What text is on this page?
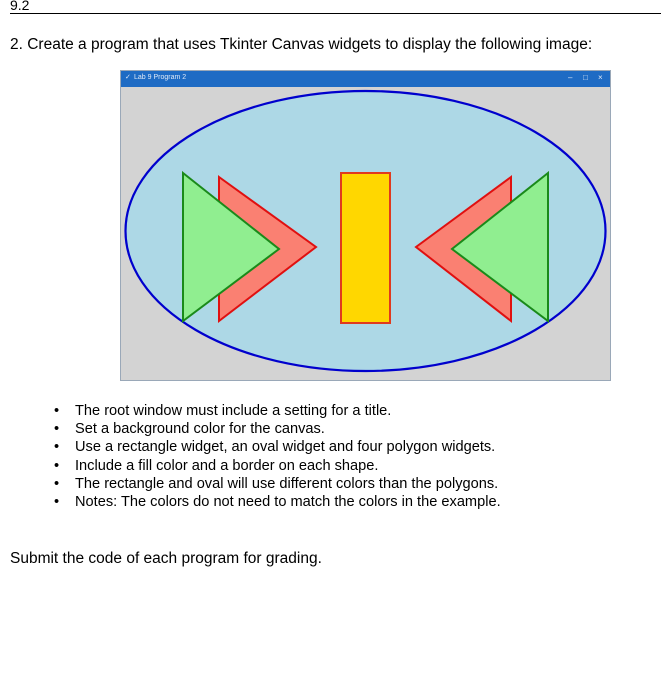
9.2
2. Create a program that uses Tkinter Canvas widgets to display the following image:
✓ Lab 9 Program 2	– □ ×
• The root window must include a setting for a title.
• Set a background color for the canvas.
• Use a rectangle widget, an oval widget and four polygon widgets.
• Include a fill color and a border on each shape.
• The rectangle and oval will use different colors than the polygons.
• Notes: The colors do not need to match the colors in the example.
Submit the code of each program for grading.
